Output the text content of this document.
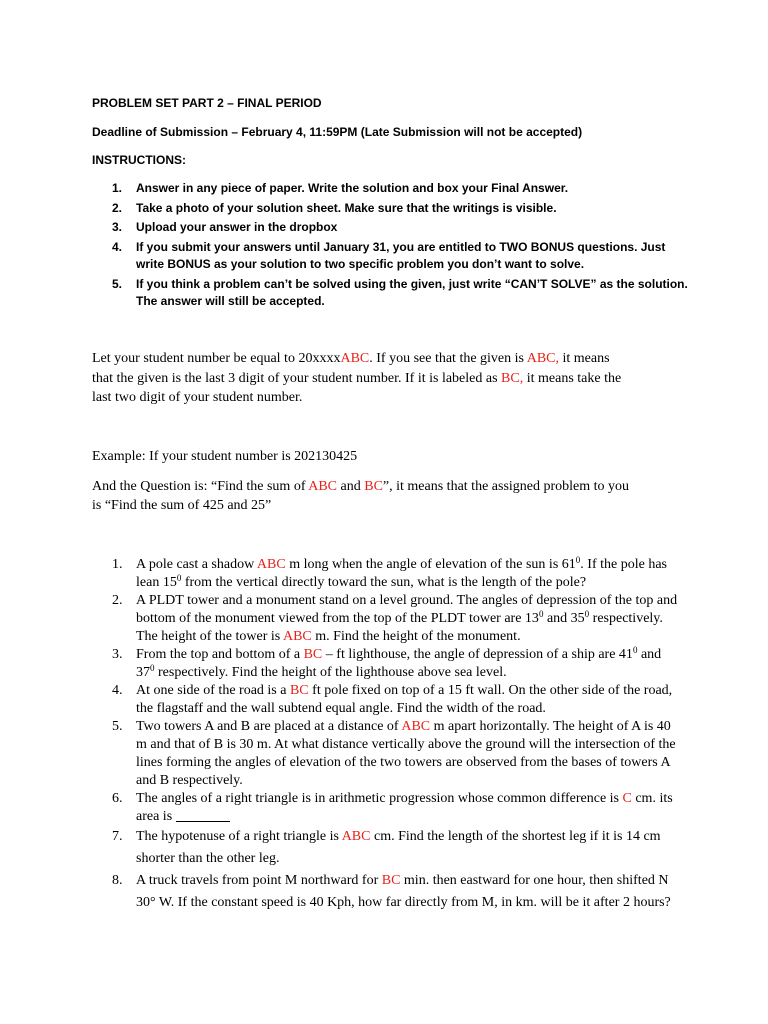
PROBLEM SET PART 2 – FINAL PERIOD
Deadline of Submission – February 4, 11:59PM (Late Submission will not be accepted)
INSTRUCTIONS:
1. Answer in any piece of paper. Write the solution and box your Final Answer.
2. Take a photo of your solution sheet. Make sure that the writings is visible.
3. Upload your answer in the dropbox
4. If you submit your answers until January 31, you are entitled to TWO BONUS questions. Just write BONUS as your solution to two specific problem you don’t want to solve.
5. If you think a problem can’t be solved using the given, just write “CAN’T SOLVE” as the solution. The answer will still be accepted.
Let your student number be equal to 20xxxxABC. If you see that the given is ABC, it means
that the given is the last 3 digit of your student number. If it is labeled as BC, it means take the
last two digit of your student number.
Example: If your student number is 202130425
And the Question is: “Find the sum of ABC and BC”, it means that the assigned problem to you
is “Find the sum of 425 and 25”
1. A pole cast a shadow ABC m long when the angle of elevation of the sun is $61^0$. If the pole has lean $15^0$ from the vertical directly toward the sun, what is the length of the pole?
2. A PLDT tower and a monument stand on a level ground. The angles of depression of the top and bottom of the monument viewed from the top of the PLDT tower are $13^0$ and $35^0$ respectively. The height of the tower is ABC m. Find the height of the monument.
3. From the top and bottom of a BC – ft lighthouse, the angle of depression of a ship are $41^0$ and $37^0$ respectively. Find the height of the lighthouse above sea level.
4. At one side of the road is a BC ft pole fixed on top of a 15 ft wall. On the other side of the road, the flagstaff and the wall subtend equal angle. Find the width of the road.
5. Two towers A and B are placed at a distance of ABC m apart horizontally. The height of A is 40 m and that of B is 30 m. At what distance vertically above the ground will the intersection of the lines forming the angles of elevation of the two towers are observed from the bases of towers A and B respectively.
6. The angles of a right triangle is in arithmetic progression whose common difference is C cm. its area is
7. The hypotenuse of a right triangle is ABC cm. Find the length of the shortest leg if it is 14 cm shorter than the other leg.
8. A truck travels from point M northward for BC min. then eastward for one hour, then shifted N 30° W. If the constant speed is 40 Kph, how far directly from M, in km. will be it after 2 hours?
